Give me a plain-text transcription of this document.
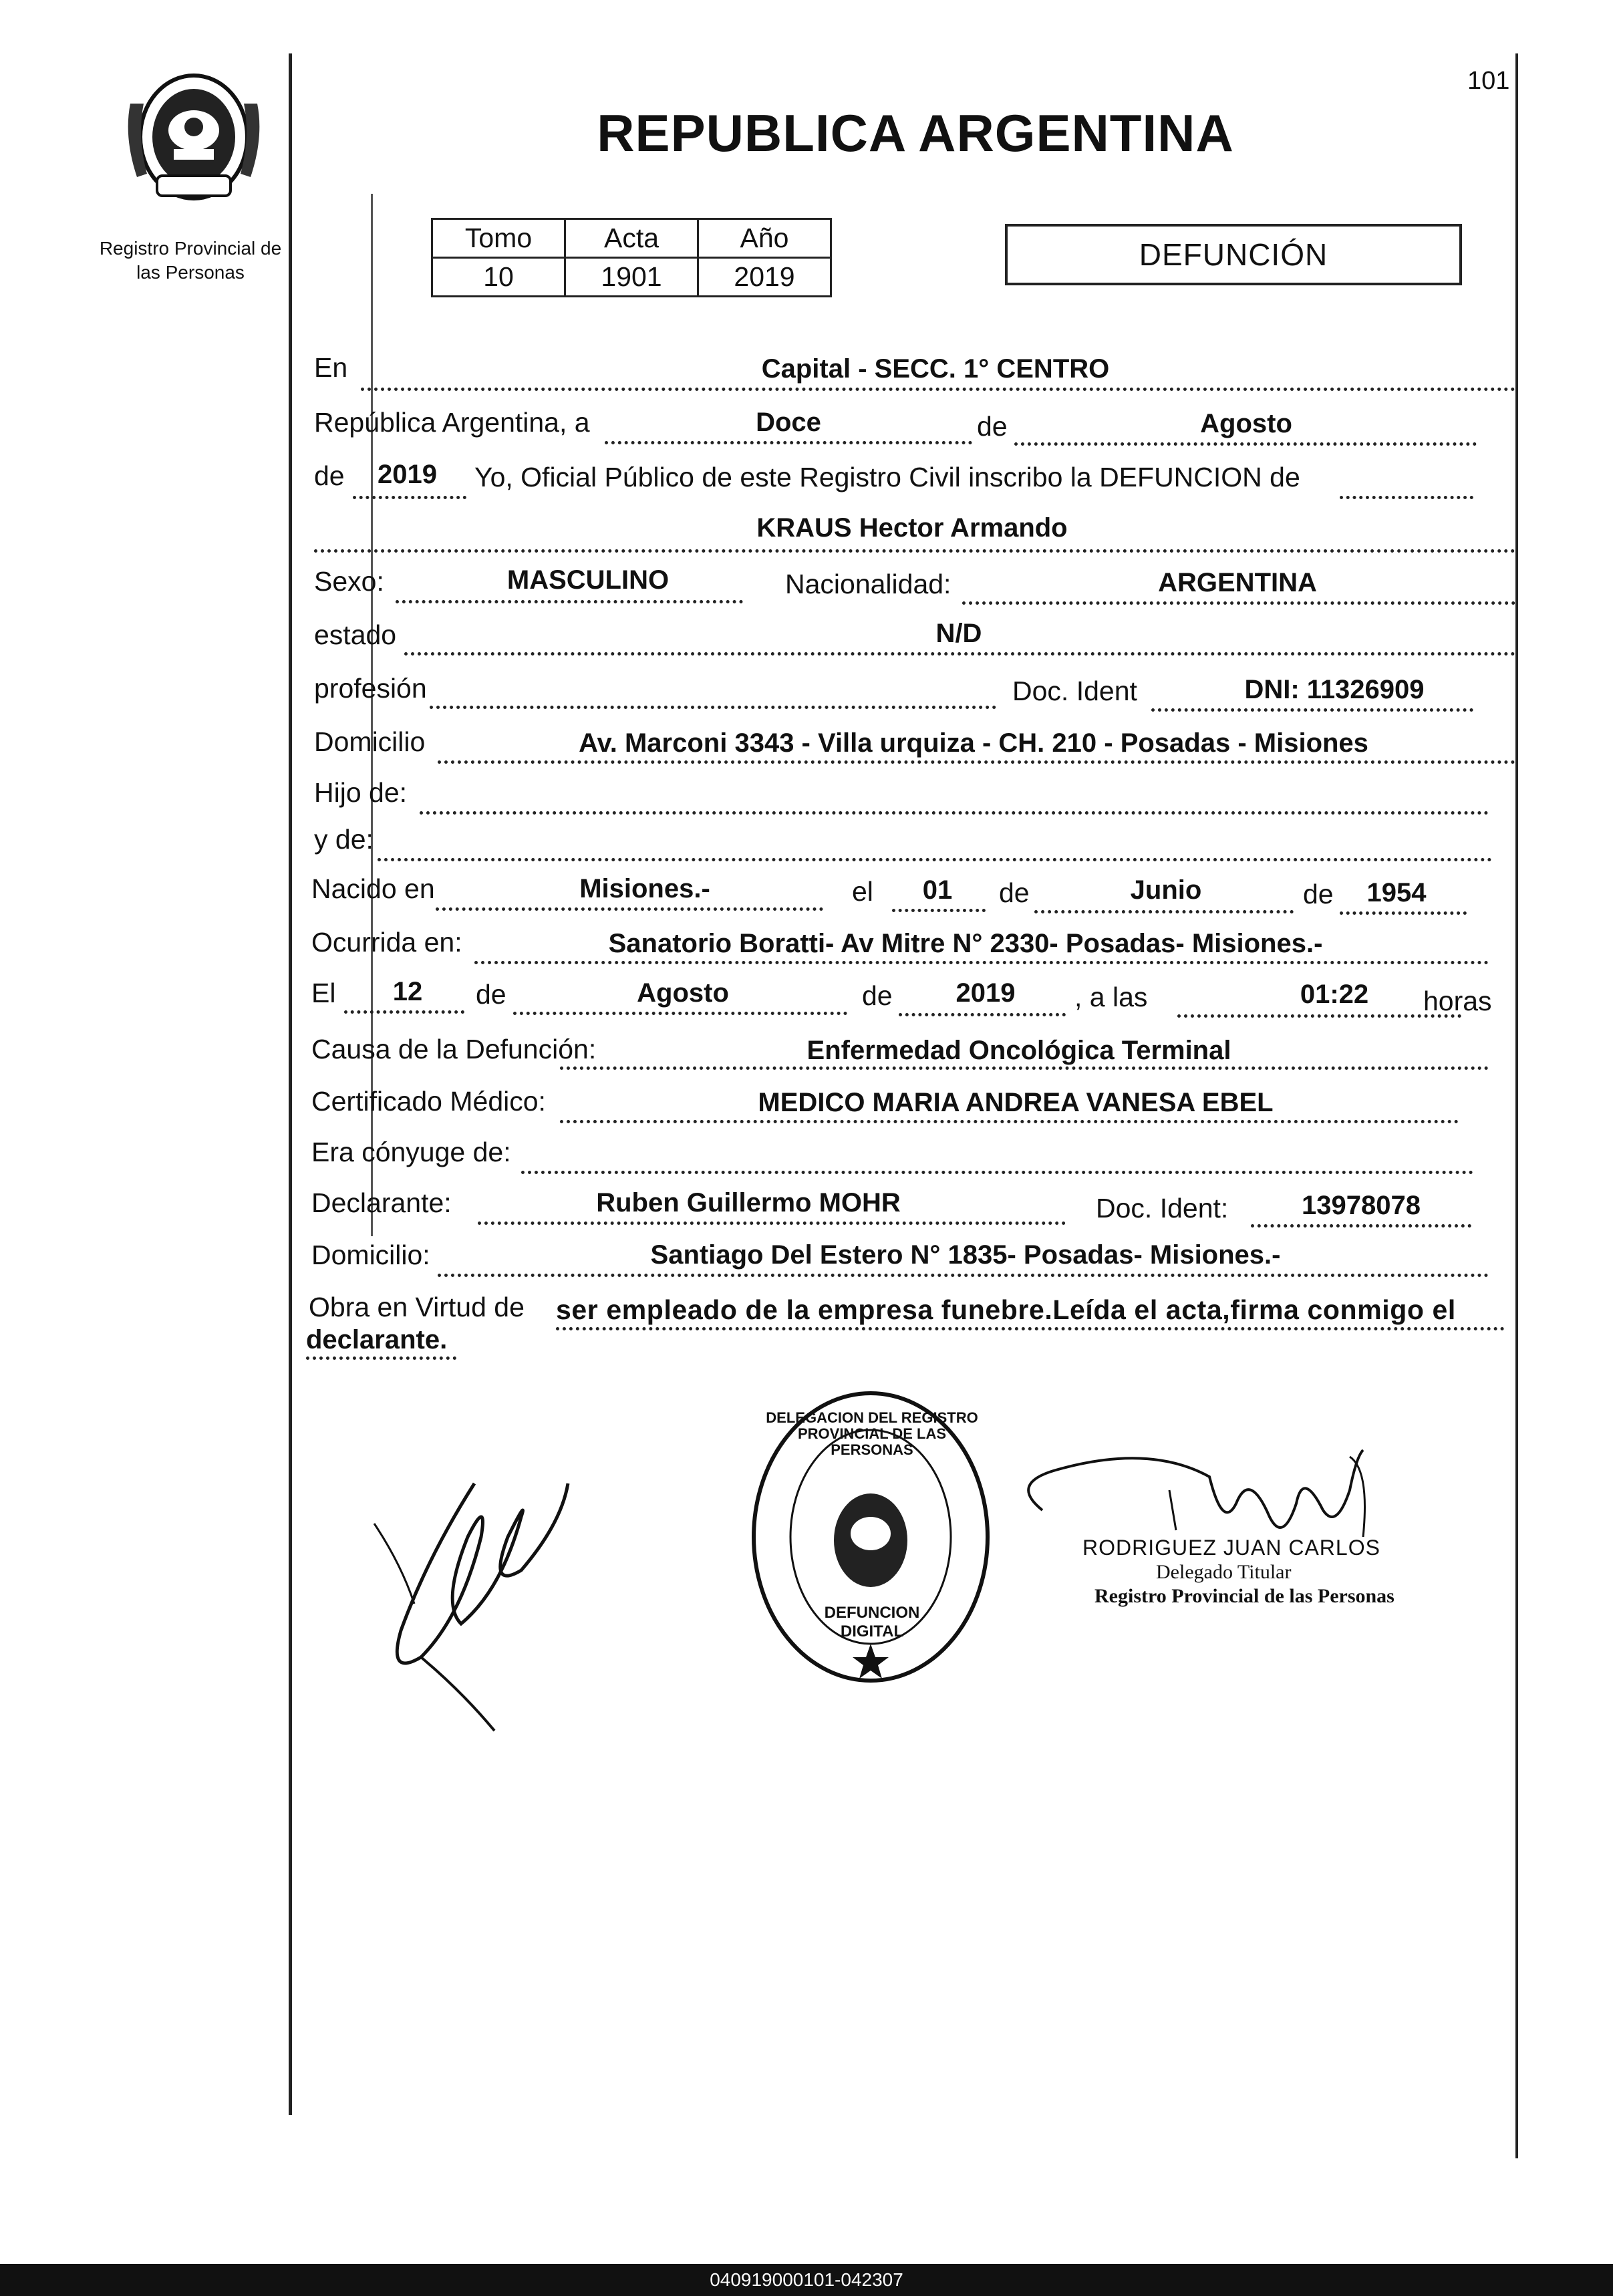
Registro Provincial de
las Personas
101
REPUBLICA ARGENTINA
Tomo	Acta	Año
10	1901	2019
DEFUNCIÓN
En	Capital - SECC. 1° CENTRO
República Argentina, a	Doce	de	Agosto
de 2019 Yo, Oficial Público de este Registro Civil inscribo la DEFUNCION de
KRAUS Hector Armando
Sexo:	MASCULINO	Nacionalidad:	ARGENTINA
estado	N/D
profesión	Doc. Ident	DNI: 11326909
Domicilio	Av. Marconi 3343 - Villa urquiza - CH. 210 - Posadas - Misiones
Hijo de:
y de:
Nacido en	Misiones.-	el 01 de	Junio	de 1954
Ocurrida en:	Sanatorio Boratti- Av Mitre N° 2330- Posadas- Misiones.-
El 12 de	Agosto	de 2019 , a las	01:22 horas
Causa de la Defunción:	Enfermedad Oncológica Terminal
Certificado Médico:	MEDICO MARIA ANDREA VANESA EBEL
Era cónyuge de:
Declarante:	Ruben Guillermo MOHR	Doc. Ident:	13978078
Domicilio:	Santiago Del Estero N° 1835- Posadas- Misiones.-
Obra en Virtud de ser empleado de la empresa funebre.Leída el acta,firma conmigo el
declarante.
DELEGACION DEL REGISTRO PROVINCIAL DE LAS PERSONAS
DEFUNCION DIGITAL
RODRIGUEZ JUAN CARLOS
Delegado Titular
Registro Provincial de las Personas
040919000101-042307
